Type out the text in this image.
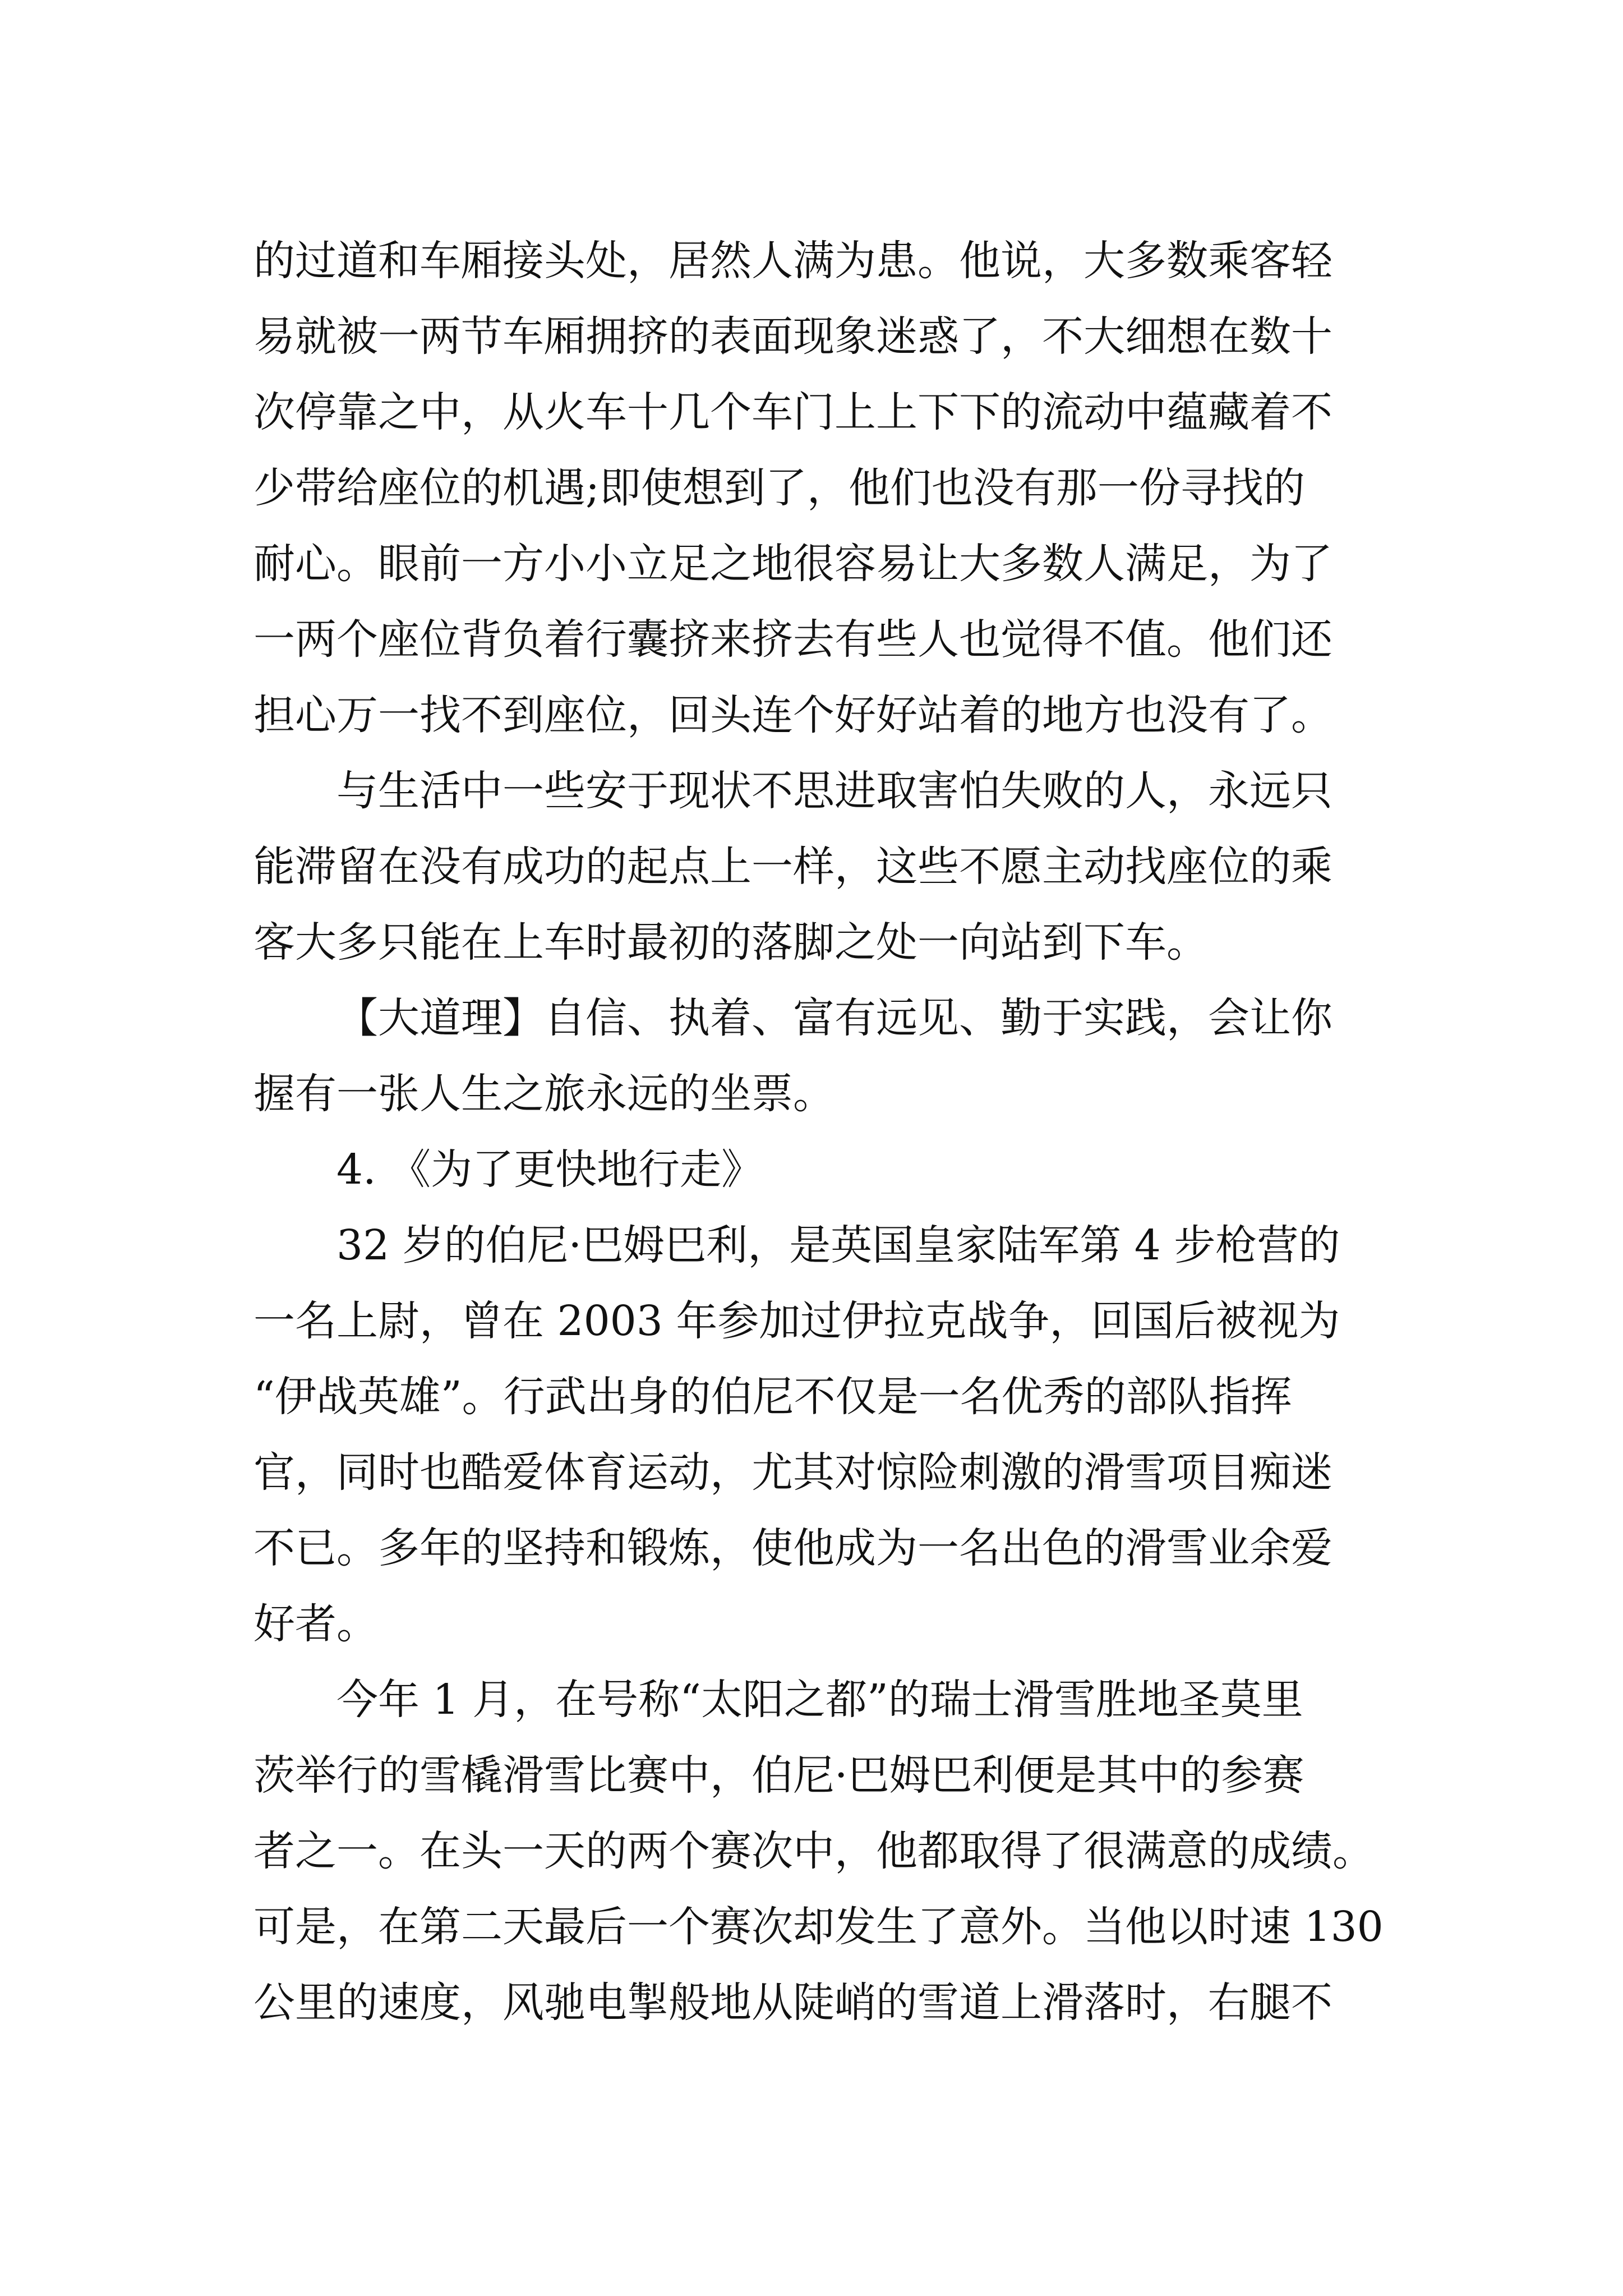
的过道和车厢接头处，居然人满为患。他说，大多数乘客轻
易就被一两节车厢拥挤的表面现象迷惑了，不大细想在数十
次停靠之中，从火车十几个车门上上下下的流动中蕴藏着不
少带给座位的机遇;即使想到了，他们也没有那一份寻找的
耐心。眼前一方小小立足之地很容易让大多数人满足，为了
一两个座位背负着行囊挤来挤去有些人也觉得不值。他们还
担心万一找不到座位，回头连个好好站着的地方也没有了。
与生活中一些安于现状不思进取害怕失败的人，永远只
能滞留在没有成功的起点上一样，这些不愿主动找座位的乘
客大多只能在上车时最初的落脚之处一向站到下车。
【大道理】自信、执着、富有远见、勤于实践，会让你
握有一张人生之旅永远的坐票。
4. 《为了更快地行走》
32 岁的伯尼·巴姆巴利，是英国皇家陆军第 4 步枪营的
一名上尉，曾在 2003 年参加过伊拉克战争，回国后被视为
“伊战英雄”。行武出身的伯尼不仅是一名优秀的部队指挥
官，同时也酷爱体育运动，尤其对惊险刺激的滑雪项目痴迷
不已。多年的坚持和锻炼，使他成为一名出色的滑雪业余爱
好者。
今年 1 月，在号称“太阳之都”的瑞士滑雪胜地圣莫里
茨举行的雪橇滑雪比赛中，伯尼·巴姆巴利便是其中的参赛
者之一。在头一天的两个赛次中，他都取得了很满意的成绩。
可是，在第二天最后一个赛次却发生了意外。当他以时速 130
公里的速度，风驰电掣般地从陡峭的雪道上滑落时，右腿不
